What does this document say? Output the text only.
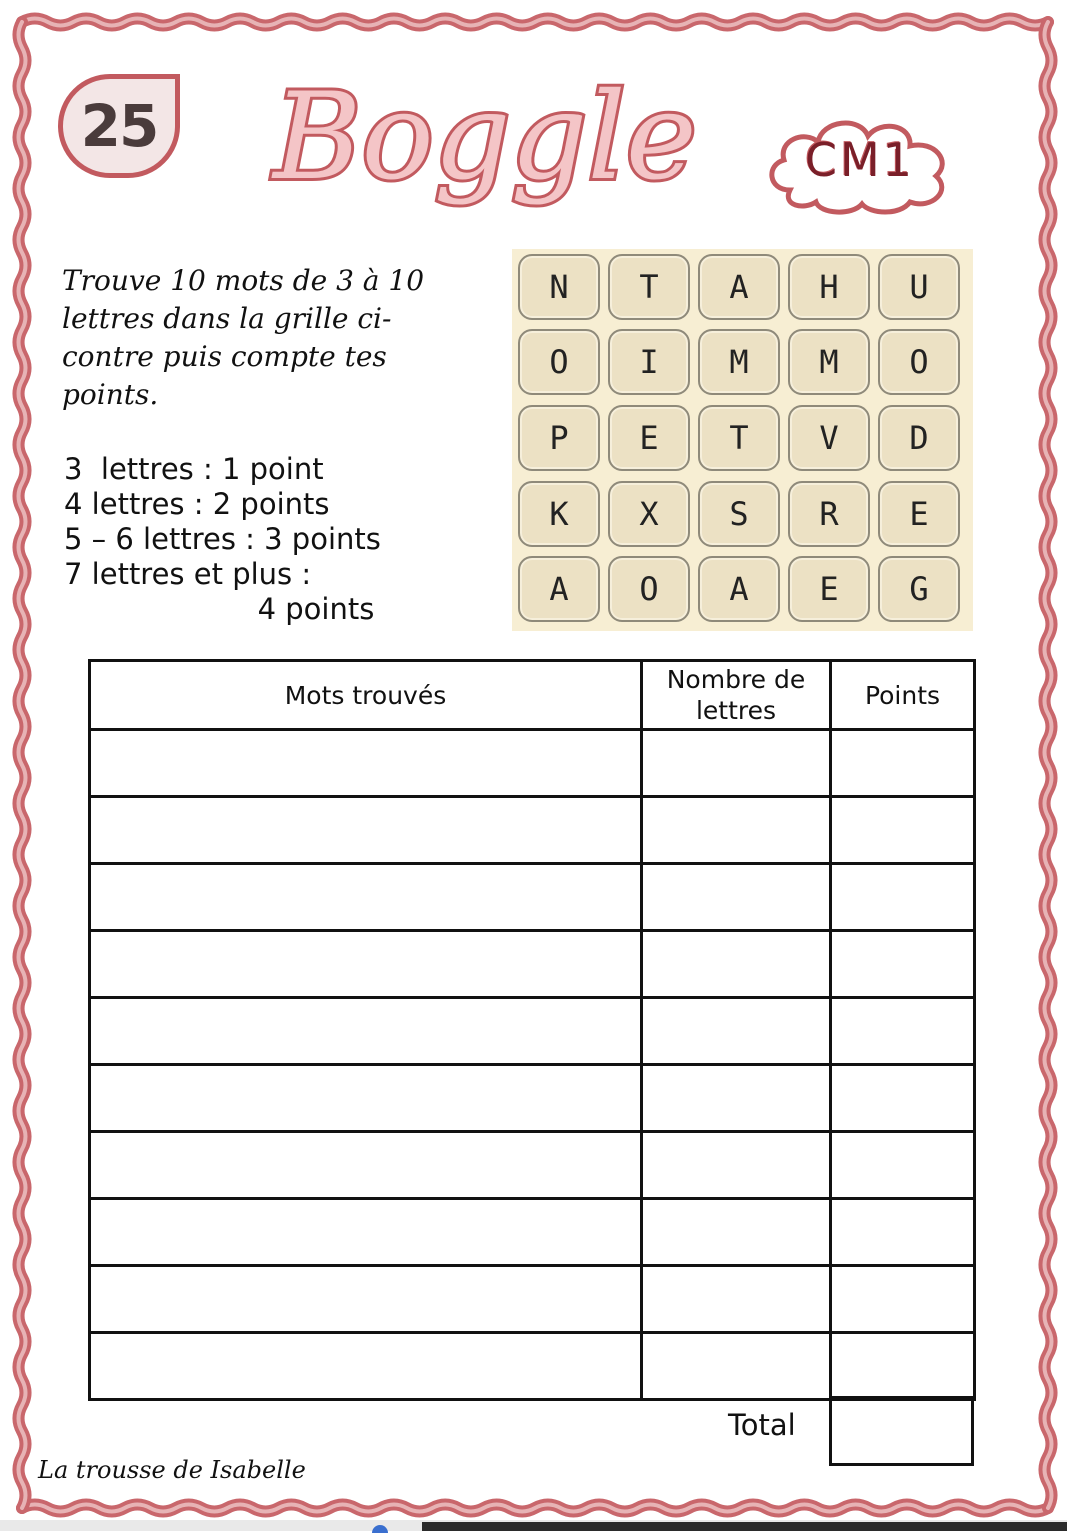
25 Boggle	CM1
Trouve 10 mots de 3 à 10 lettres dans la grille ci-contre puis compte tes points.
3  lettres : 1 point
4 lettres : 2 points
5 – 6 lettres : 3 points
7 lettres et plus :
4 points
N	T	A	H	U
O	I	M	M	O
P	E	T	V	D
K	X	S	R	E
A	O	A	E	G
Mots trouvés	Nombre de lettres	Points

Total
La trousse de Isabelle
